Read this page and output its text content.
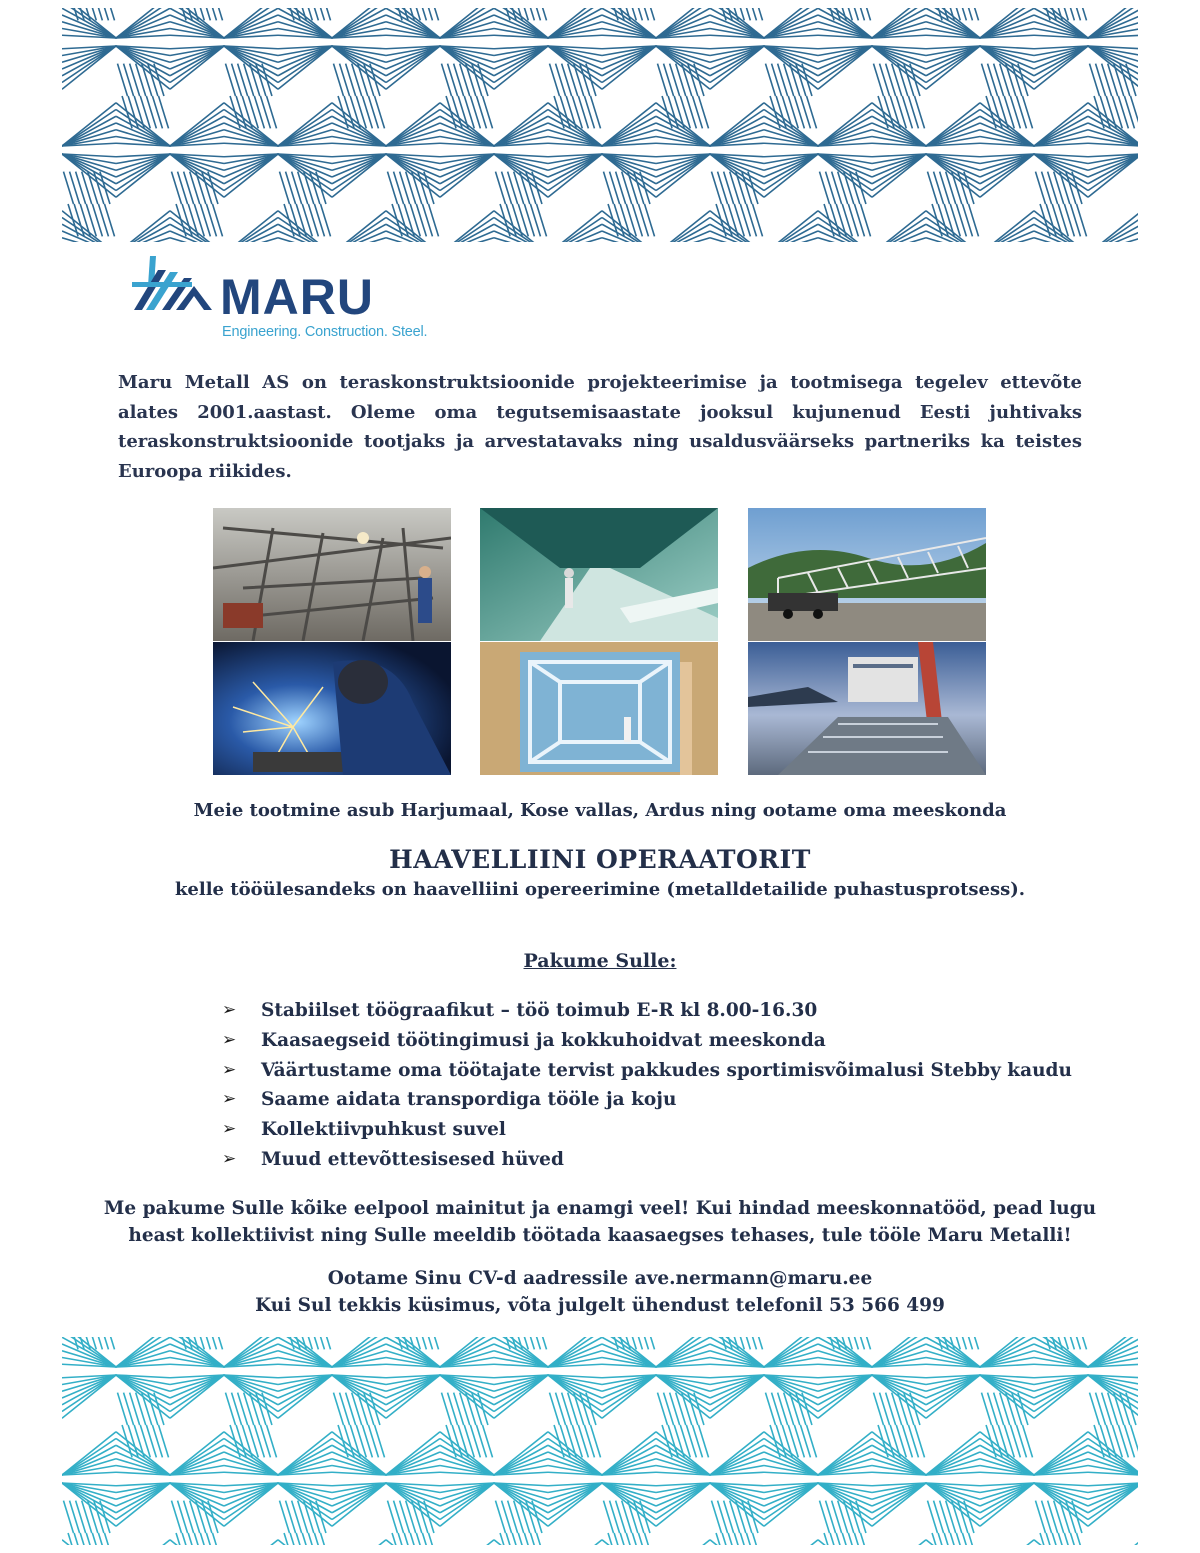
MARU
Engineering. Construction. Steel.

Maru Metall AS on teraskonstruktsioonide projekteerimise ja tootmisega tegelev ettevõte alates 2001.aastast. Oleme oma tegutsemisaastate jooksul kujunenud Eesti juhtivaks teraskonstruktsioonide tootjaks ja arvestatavaks ning usaldusväärseks partneriks ka teistes Euroopa riikides.

Meie tootmine asub Harjumaal, Kose vallas, Ardus ning ootame oma meeskonda

HAAVELLIINI OPERAATORIT

kelle tööülesandeks on haavelliini opereerimine (metalldetailide puhastusprotsess).

Pakume Sulle:

➢ Stabiilset töögraafikut – töö toimub E-R kl 8.00-16.30
➢ Kaasaegseid töötingimusi ja kokkuhoidvat meeskonda
➢ Väärtustame oma töötajate tervist pakkudes sportimisvõimalusi Stebby kaudu
➢ Saame aidata transpordiga tööle ja koju
➢ Kollektiivpuhkust suvel
➢ Muud ettevõttesisesed hüved
Me pakume Sulle kõike eelpool mainitut ja enamgi veel! Kui hindad meeskonnatööd, pead lugu
heast kollektiivist ning Sulle meeldib töötada kaasaegses tehases, tule tööle Maru Metalli!
Ootame Sinu CV-d aadressile ave.nermann@maru.ee
Kui Sul tekkis küsimus, võta julgelt ühendust telefonil 53 566 499
